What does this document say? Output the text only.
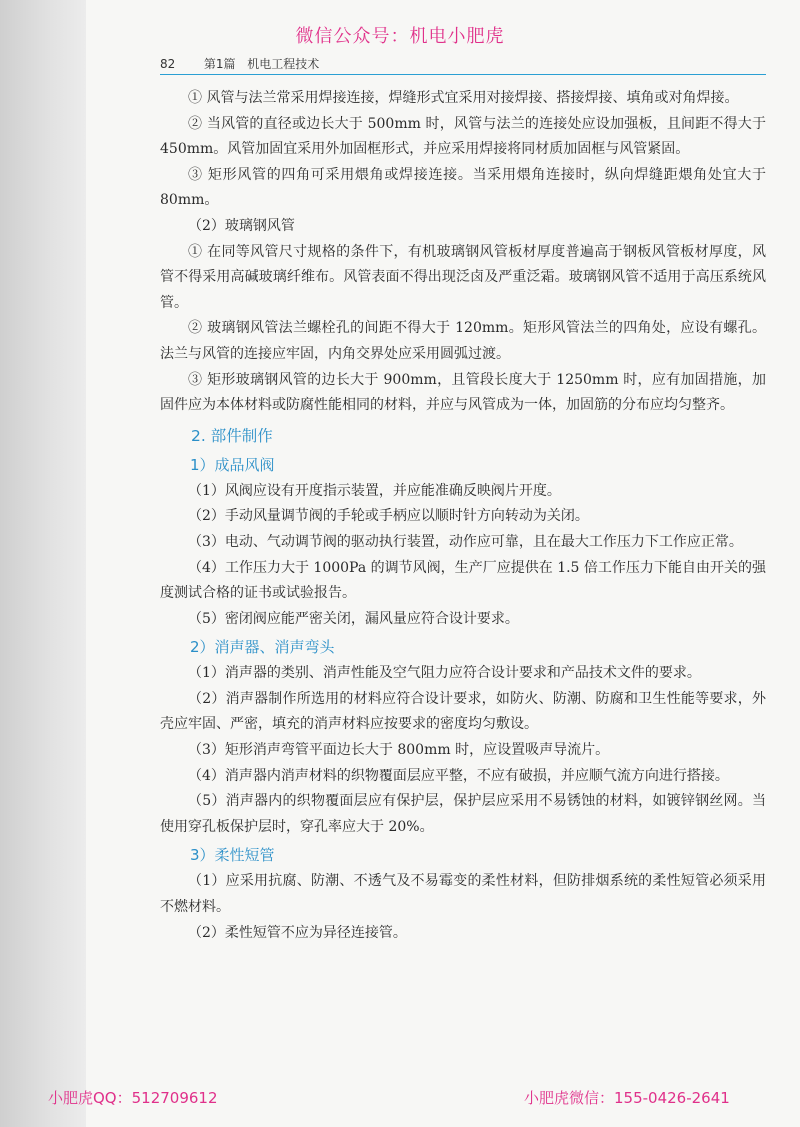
微信公众号：机电小肥虎
82 第1篇 机电工程技术

① 风管与法兰常采用焊接连接，焊缝形式宜采用对接焊接、搭接焊接、填角或对角焊接。

② 当风管的直径或边长大于 500mm 时，风管与法兰的连接处应设加强板，且间距不得大于 450mm。风管加固宜采用外加固框形式，并应采用焊接将同材质加固框与风管紧固。

③ 矩形风管的四角可采用煨角或焊接连接。当采用煨角连接时，纵向焊缝距煨角处宜大于 80mm。

（2）玻璃钢风管

① 在同等风管尺寸规格的条件下，有机玻璃钢风管板材厚度普遍高于钢板风管板材厚度，风管不得采用高碱玻璃纤维布。风管表面不得出现泛卤及严重泛霜。玻璃钢风管不适用于高压系统风管。

② 玻璃钢风管法兰螺栓孔的间距不得大于 120mm。矩形风管法兰的四角处，应设有螺孔。法兰与风管的连接应牢固，内角交界处应采用圆弧过渡。

③ 矩形玻璃钢风管的边长大于 900mm，且管段长度大于 1250mm 时，应有加固措施，加固件应为本体材料或防腐性能相同的材料，并应与风管成为一体，加固筋的分布应均匀整齐。

2. 部件制作
1）成品风阀

（1）风阀应设有开度指示装置，并应能准确反映阀片开度。

（2）手动风量调节阀的手轮或手柄应以顺时针方向转动为关闭。

（3）电动、气动调节阀的驱动执行装置，动作应可靠，且在最大工作压力下工作应正常。

（4）工作压力大于 1000Pa 的调节风阀，生产厂应提供在 1.5 倍工作压力下能自由开关的强度测试合格的证书或试验报告。

（5）密闭阀应能严密关闭，漏风量应符合设计要求。

2）消声器、消声弯头

（1）消声器的类别、消声性能及空气阻力应符合设计要求和产品技术文件的要求。

（2）消声器制作所选用的材料应符合设计要求，如防火、防潮、防腐和卫生性能等要求，外壳应牢固、严密，填充的消声材料应按要求的密度均匀敷设。

（3）矩形消声弯管平面边长大于 800mm 时，应设置吸声导流片。

（4）消声器内消声材料的织物覆面层应平整，不应有破损，并应顺气流方向进行搭接。

（5）消声器内的织物覆面层应有保护层，保护层应采用不易锈蚀的材料，如镀锌钢丝网。当使用穿孔板保护层时，穿孔率应大于 20%。

3）柔性短管

（1）应采用抗腐、防潮、不透气及不易霉变的柔性材料，但防排烟系统的柔性短管必须采用不燃材料。

（2）柔性短管不应为异径连接管。

小肥虎QQ：512709612	小肥虎微信：155-0426-2641
